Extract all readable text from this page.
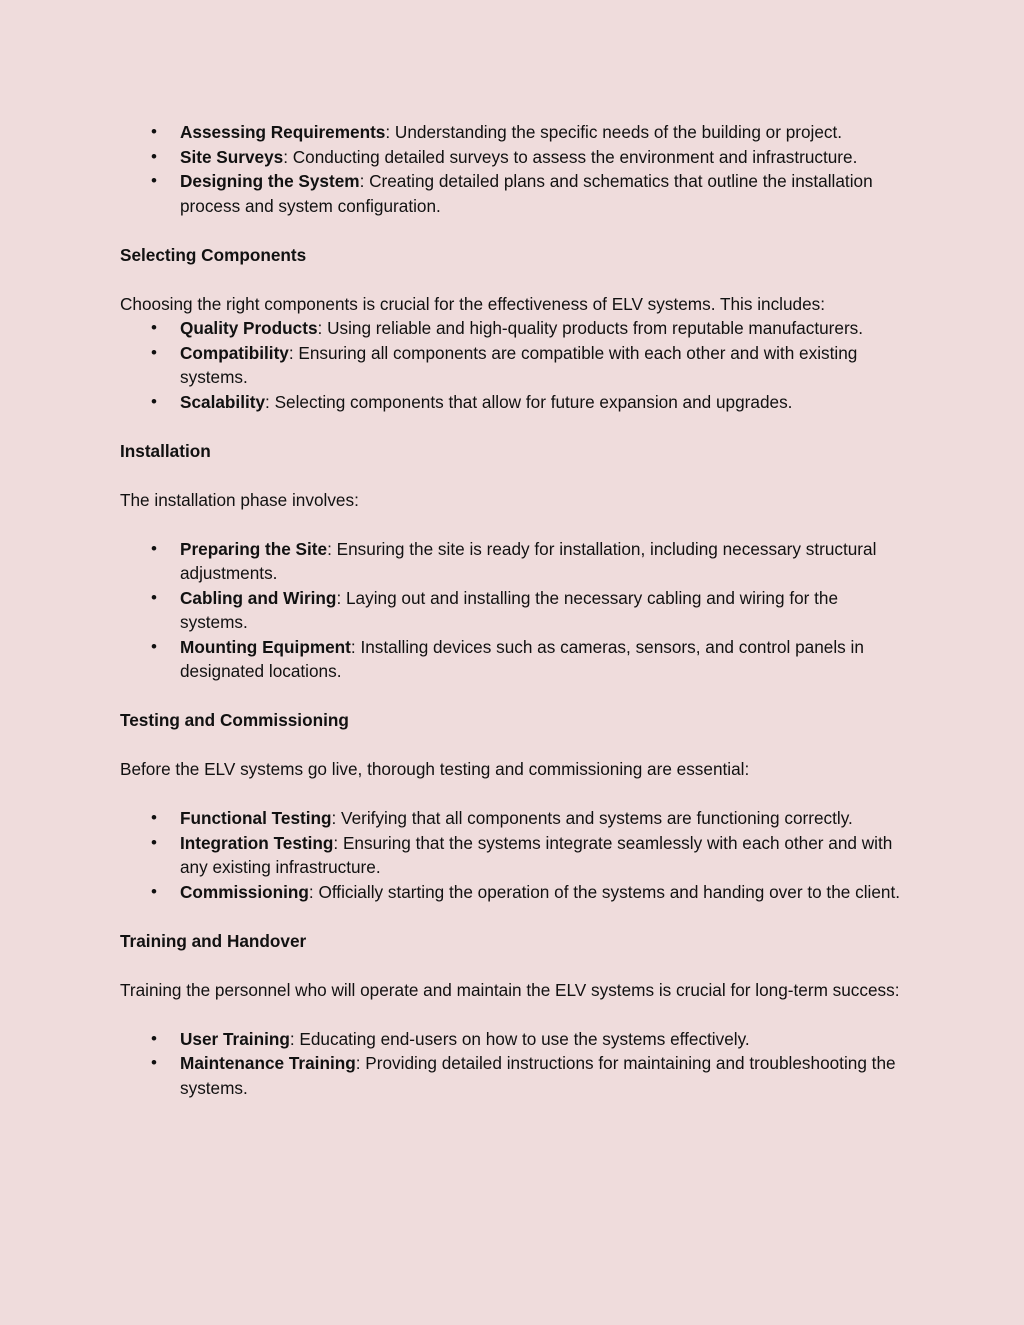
• Assessing Requirements: Understanding the specific needs of the building or project.
• Site Surveys: Conducting detailed surveys to assess the environment and infrastructure.
• Designing the System: Creating detailed plans and schematics that outline the installation process and system configuration.
Selecting Components

Choosing the right components is crucial for the effectiveness of ELV systems. This includes:

• Quality Products: Using reliable and high-quality products from reputable manufacturers.
• Compatibility: Ensuring all components are compatible with each other and with existing systems.
• Scalability: Selecting components that allow for future expansion and upgrades.
Installation

The installation phase involves:

• Preparing the Site: Ensuring the site is ready for installation, including necessary structural adjustments.
• Cabling and Wiring: Laying out and installing the necessary cabling and wiring for the systems.
• Mounting Equipment: Installing devices such as cameras, sensors, and control panels in designated locations.
Testing and Commissioning

Before the ELV systems go live, thorough testing and commissioning are essential:

• Functional Testing: Verifying that all components and systems are functioning correctly.
• Integration Testing: Ensuring that the systems integrate seamlessly with each other and with any existing infrastructure.
• Commissioning: Officially starting the operation of the systems and handing over to the client.
Training and Handover

Training the personnel who will operate and maintain the ELV systems is crucial for long-term success:

• User Training: Educating end-users on how to use the systems effectively.
• Maintenance Training: Providing detailed instructions for maintaining and troubleshooting the systems.
